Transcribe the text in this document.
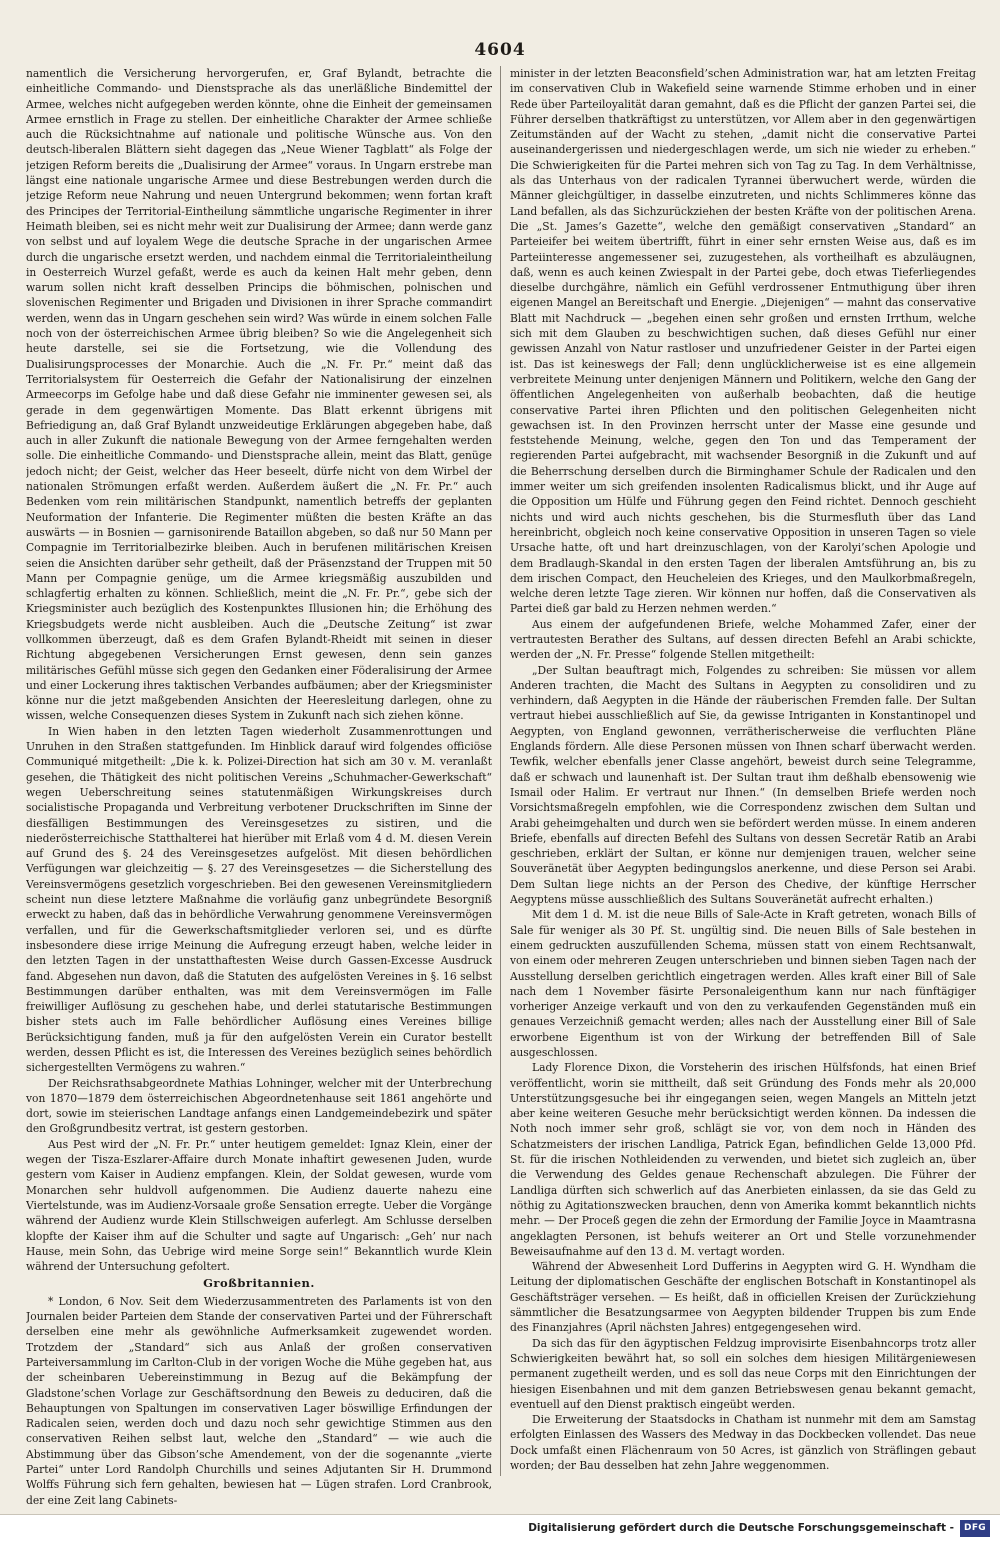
4604

namentlich die Versicherung hervorgerufen, er, Graf Bylandt, betrachte die einheitliche Commando- und Dienstsprache als das unerläßliche Bindemittel der Armee, welches nicht aufgegeben werden könnte, ohne die Einheit der gemeinsamen Armee ernstlich in Frage zu stellen. Der einheitliche Charakter der Armee schließe auch die Rücksichtnahme auf nationale und politische Wünsche aus. Von den deutsch-liberalen Blättern sieht dagegen das „Neue Wiener Tagblatt“ als Folge der jetzigen Reform bereits die „Dualisirung der Armee“ voraus. In Ungarn erstrebe man längst eine nationale ungarische Armee und diese Bestrebungen werden durch die jetzige Reform neue Nahrung und neuen Untergrund bekommen; wenn fortan kraft des Principes der Territorial-Eintheilung sämmtliche ungarische Regimenter in ihrer Heimath bleiben, sei es nicht mehr weit zur Dualisirung der Armee; dann werde ganz von selbst und auf loyalem Wege die deutsche Sprache in der ungarischen Armee durch die ungarische ersetzt werden, und nachdem einmal die Territorialeintheilung in Oesterreich Wurzel gefaßt, werde es auch da keinen Halt mehr geben, denn warum sollen nicht kraft desselben Princips die böhmischen, polnischen und slovenischen Regimenter und Brigaden und Divisionen in ihrer Sprache commandirt werden, wenn das in Ungarn geschehen sein wird? Was würde in einem solchen Falle noch von der österreichischen Armee übrig bleiben? So wie die Angelegenheit sich heute darstelle, sei sie die Fortsetzung, wie die Vollendung des Dualisirungsprocesses der Monarchie. Auch die „N. Fr. Pr.“ meint daß das Territorialsystem für Oesterreich die Gefahr der Nationalisirung der einzelnen Armeecorps im Gefolge habe und daß diese Gefahr nie imminenter gewesen sei, als gerade in dem gegenwärtigen Momente. Das Blatt erkennt übrigens mit Befriedigung an, daß Graf Bylandt unzweideutige Erklärungen abgegeben habe, daß auch in aller Zukunft die nationale Bewegung von der Armee ferngehalten werden solle. Die einheitliche Commando- und Dienstsprache allein, meint das Blatt, genüge jedoch nicht; der Geist, welcher das Heer beseelt, dürfe nicht von dem Wirbel der nationalen Strömungen erfaßt werden. Außerdem äußert die „N. Fr. Pr.“ auch Bedenken vom rein militärischen Standpunkt, namentlich betreffs der geplanten Neuformation der Infanterie. Die Regimenter müßten die besten Kräfte an das auswärts — in Bosnien — garnisonirende Bataillon abgeben, so daß nur 50 Mann per Compagnie im Territorialbezirke bleiben. Auch in berufenen militärischen Kreisen seien die Ansichten darüber sehr getheilt, daß der Präsenzstand der Truppen mit 50 Mann per Compagnie genüge, um die Armee kriegsmäßig auszubilden und schlagfertig erhalten zu können. Schließlich, meint die „N. Fr. Pr.“, gebe sich der Kriegsminister auch bezüglich des Kostenpunktes Illusionen hin; die Erhöhung des Kriegsbudgets werde nicht ausbleiben. Auch die „Deutsche Zeitung“ ist zwar vollkommen überzeugt, daß es dem Grafen Bylandt-Rheidt mit seinen in dieser Richtung abgegebenen Versicherungen Ernst gewesen, denn sein ganzes militärisches Gefühl müsse sich gegen den Gedanken einer Föderalisirung der Armee und einer Lockerung ihres taktischen Verbandes aufbäumen; aber der Kriegsminister könne nur die jetzt maßgebenden Ansichten der Heeresleitung darlegen, ohne zu wissen, welche Consequenzen dieses System in Zukunft nach sich ziehen könne.

In Wien haben in den letzten Tagen wiederholt Zusammenrottungen und Unruhen in den Straßen stattgefunden. Im Hinblick darauf wird folgendes officiöse Communiqué mitgetheilt: „Die k. k. Polizei-Direction hat sich am 30 v. M. veranlaßt gesehen, die Thätigkeit des nicht politischen Vereins „Schuhmacher-Gewerkschaft“ wegen Ueberschreitung seines statutenmäßigen Wirkungskreises durch socialistische Propaganda und Verbreitung verbotener Druckschriften im Sinne der diesfälligen Bestimmungen des Vereinsgesetzes zu sistiren, und die niederösterreichische Statthalterei hat hierüber mit Erlaß vom 4 d. M. diesen Verein auf Grund des §. 24 des Vereinsgesetzes aufgelöst. Mit diesen behördlichen Verfügungen war gleichzeitig — §. 27 des Vereinsgesetzes — die Sicherstellung des Vereinsvermögens gesetzlich vorgeschrieben. Bei den gewesenen Vereinsmitgliedern scheint nun diese letztere Maßnahme die vorläufig ganz unbegründete Besorgniß erweckt zu haben, daß das in behördliche Verwahrung genommene Vereinsvermögen verfallen, und für die Gewerkschaftsmitglieder verloren sei, und es dürfte insbesondere diese irrige Meinung die Aufregung erzeugt haben, welche leider in den letzten Tagen in der unstatthaftesten Weise durch Gassen-Excesse Ausdruck fand. Abgesehen nun davon, daß die Statuten des aufgelösten Vereines in §. 16 selbst Bestimmungen darüber enthalten, was mit dem Vereinsvermögen im Falle freiwilliger Auflösung zu geschehen habe, und derlei statutarische Bestimmungen bisher stets auch im Falle behördlicher Auflösung eines Vereines billige Berücksichtigung fanden, muß ja für den aufgelösten Verein ein Curator bestellt werden, dessen Pflicht es ist, die Interessen des Vereines bezüglich seines behördlich sichergestellten Vermögens zu wahren.“

Der Reichsrathsabgeordnete Mathias Lohninger, welcher mit der Unterbrechung von 1870—1879 dem österreichischen Abgeordnetenhause seit 1861 angehörte und dort, sowie im steierischen Landtage anfangs einen Landgemeindebezirk und später den Großgrundbesitz vertrat, ist gestern gestorben.

Aus Pest wird der „N. Fr. Pr.“ unter heutigem gemeldet: Ignaz Klein, einer der wegen der Tisza-Eszlarer-Affaire durch Monate inhaftirt gewesenen Juden, wurde gestern vom Kaiser in Audienz empfangen. Klein, der Soldat gewesen, wurde vom Monarchen sehr huldvoll aufgenommen. Die Audienz dauerte nahezu eine Viertelstunde, was im Audienz-Vorsaale große Sensation erregte. Ueber die Vorgänge während der Audienz wurde Klein Stillschweigen auferlegt. Am Schlusse derselben klopfte der Kaiser ihm auf die Schulter und sagte auf Ungarisch: „Geh’ nur nach Hause, mein Sohn, das Uebrige wird meine Sorge sein!“ Bekanntlich wurde Klein während der Untersuchung gefoltert.

Großbritannien.

* London, 6 Nov. Seit dem Wiederzusammentreten des Parlaments ist von den Journalen beider Parteien dem Stande der conservativen Partei und der Führerschaft derselben eine mehr als gewöhnliche Aufmerksamkeit zugewendet worden. Trotzdem der „Standard“ sich aus Anlaß der großen conservativen Parteiversammlung im Carlton-Club in der vorigen Woche die Mühe gegeben hat, aus der scheinbaren Uebereinstimmung in Bezug auf die Bekämpfung der Gladstone’schen Vorlage zur Geschäftsordnung den Beweis zu deduciren, daß die Behauptungen von Spaltungen im conservativen Lager böswillige Erfindungen der Radicalen seien, werden doch und dazu noch sehr gewichtige Stimmen aus den conservativen Reihen selbst laut, welche den „Standard“ — wie auch die Abstimmung über das Gibson’sche Amendement, von der die sogenannte „vierte Partei“ unter Lord Randolph Churchills und seines Adjutanten Sir H. Drummond Wolffs Führung sich fern gehalten, bewiesen hat — Lügen strafen. Lord Cranbrook, der eine Zeit lang Cabinets-

minister in der letzten Beaconsfield’schen Administration war, hat am letzten Freitag im conservativen Club in Wakefield seine warnende Stimme erhoben und in einer Rede über Parteiloyalität daran gemahnt, daß es die Pflicht der ganzen Partei sei, die Führer derselben thatkräftigst zu unterstützen, vor Allem aber in den gegenwärtigen Zeitumständen auf der Wacht zu stehen, „damit nicht die conservative Partei auseinandergerissen und niedergeschlagen werde, um sich nie wieder zu erheben.“ Die Schwierigkeiten für die Partei mehren sich von Tag zu Tag. In dem Verhältnisse, als das Unterhaus von der radicalen Tyrannei überwuchert werde, würden die Männer gleichgültiger, in dasselbe einzutreten, und nichts Schlimmeres könne das Land befallen, als das Sichzurückziehen der besten Kräfte von der politischen Arena. Die „St. James’s Gazette“, welche den gemäßigt conservativen „Standard“ an Parteieifer bei weitem übertrifft, führt in einer sehr ernsten Weise aus, daß es im Parteiinteresse angemessener sei, zuzugestehen, als vortheilhaft es abzuläugnen, daß, wenn es auch keinen Zwiespalt in der Partei gebe, doch etwas Tieferliegendes dieselbe durchgähre, nämlich ein Gefühl verdrossener Entmuthigung über ihren eigenen Mangel an Bereitschaft und Energie. „Diejenigen“ — mahnt das conservative Blatt mit Nachdruck — „begehen einen sehr großen und ernsten Irrthum, welche sich mit dem Glauben zu beschwichtigen suchen, daß dieses Gefühl nur einer gewissen Anzahl von Natur rastloser und unzufriedener Geister in der Partei eigen ist. Das ist keineswegs der Fall; denn unglücklicherweise ist es eine allgemein verbreitete Meinung unter denjenigen Männern und Politikern, welche den Gang der öffentlichen Angelegenheiten von außerhalb beobachten, daß die heutige conservative Partei ihren Pflichten und den politischen Gelegenheiten nicht gewachsen ist. In den Provinzen herrscht unter der Masse eine gesunde und feststehende Meinung, welche, gegen den Ton und das Temperament der regierenden Partei aufgebracht, mit wachsender Besorgniß in die Zukunft und auf die Beherrschung derselben durch die Birminghamer Schule der Radicalen und den immer weiter um sich greifenden insolenten Radicalismus blickt, und ihr Auge auf die Opposition um Hülfe und Führung gegen den Feind richtet. Dennoch geschieht nichts und wird auch nichts geschehen, bis die Sturmesfluth über das Land hereinbricht, obgleich noch keine conservative Opposition in unseren Tagen so viele Ursache hatte, oft und hart dreinzuschlagen, von der Karolyi’schen Apologie und dem Bradlaugh-Skandal in den ersten Tagen der liberalen Amtsführung an, bis zu dem irischen Compact, den Heucheleien des Krieges, und den Maulkorbmaßregeln, welche deren letzte Tage zieren. Wir können nur hoffen, daß die Conservativen als Partei dieß gar bald zu Herzen nehmen werden.“

Aus einem der aufgefundenen Briefe, welche Mohammed Zafer, einer der vertrautesten Berather des Sultans, auf dessen directen Befehl an Arabi schickte, werden der „N. Fr. Presse“ folgende Stellen mitgetheilt:

„Der Sultan beauftragt mich, Folgendes zu schreiben: Sie müssen vor allem Anderen trachten, die Macht des Sultans in Aegypten zu consolidiren und zu verhindern, daß Aegypten in die Hände der räuberischen Fremden falle. Der Sultan vertraut hiebei ausschließlich auf Sie, da gewisse Intriganten in Konstantinopel und Aegypten, von England gewonnen, verrätherischerweise die verfluchten Pläne Englands fördern. Alle diese Personen müssen von Ihnen scharf überwacht werden. Tewfik, welcher ebenfalls jener Classe angehört, beweist durch seine Telegramme, daß er schwach und launenhaft ist. Der Sultan traut ihm deßhalb ebensowenig wie Ismail oder Halim. Er vertraut nur Ihnen.“ (In demselben Briefe werden noch Vorsichtsmaßregeln empfohlen, wie die Correspondenz zwischen dem Sultan und Arabi geheimgehalten und durch wen sie befördert werden müsse. In einem anderen Briefe, ebenfalls auf directen Befehl des Sultans von dessen Secretär Ratib an Arabi geschrieben, erklärt der Sultan, er könne nur demjenigen trauen, welcher seine Souveränetät über Aegypten bedingungslos anerkenne, und diese Person sei Arabi. Dem Sultan liege nichts an der Person des Chedive, der künftige Herrscher Aegyptens müsse ausschließlich des Sultans Souveränetät aufrecht erhalten.)

Mit dem 1 d. M. ist die neue Bills of Sale-Acte in Kraft getreten, wonach Bills of Sale für weniger als 30 Pf. St. ungültig sind. Die neuen Bills of Sale bestehen in einem gedruckten auszufüllenden Schema, müssen statt von einem Rechtsanwalt, von einem oder mehreren Zeugen unterschrieben und binnen sieben Tagen nach der Ausstellung derselben gerichtlich eingetragen werden. Alles kraft einer Bill of Sale nach dem 1 November fäsirte Personaleigenthum kann nur nach fünftägiger vorheriger Anzeige verkauft und von den zu verkaufenden Gegenständen muß ein genaues Verzeichniß gemacht werden; alles nach der Ausstellung einer Bill of Sale erworbene Eigenthum ist von der Wirkung der betreffenden Bill of Sale ausgeschlossen.

Lady Florence Dixon, die Vorsteherin des irischen Hülfsfonds, hat einen Brief veröffentlicht, worin sie mittheilt, daß seit Gründung des Fonds mehr als 20,000 Unterstützungsgesuche bei ihr eingegangen seien, wegen Mangels an Mitteln jetzt aber keine weiteren Gesuche mehr berücksichtigt werden können. Da indessen die Noth noch immer sehr groß, schlägt sie vor, von dem noch in Händen des Schatzmeisters der irischen Landliga, Patrick Egan, befindlichen Gelde 13,000 Pfd. St. für die irischen Nothleidenden zu verwenden, und bietet sich zugleich an, über die Verwendung des Geldes genaue Rechenschaft abzulegen. Die Führer der Landliga dürften sich schwerlich auf das Anerbieten einlassen, da sie das Geld zu nöthig zu Agitationszwecken brauchen, denn von Amerika kommt bekanntlich nichts mehr. — Der Proceß gegen die zehn der Ermordung der Familie Joyce in Maamtrasna angeklagten Personen, ist behufs weiterer an Ort und Stelle vorzunehmender Beweisaufnahme auf den 13 d. M. vertagt worden.

Während der Abwesenheit Lord Dufferins in Aegypten wird G. H. Wyndham die Leitung der diplomatischen Geschäfte der englischen Botschaft in Konstantinopel als Geschäftsträger versehen. — Es heißt, daß in officiellen Kreisen der Zurückziehung sämmtlicher die Besatzungsarmee von Aegypten bildender Truppen bis zum Ende des Finanzjahres (April nächsten Jahres) entgegengesehen wird.

Da sich das für den ägyptischen Feldzug improvisirte Eisenbahncorps trotz aller Schwierigkeiten bewährt hat, so soll ein solches dem hiesigen Militärgeniewesen permanent zugetheilt werden, und es soll das neue Corps mit den Einrichtungen der hiesigen Eisenbahnen und mit dem ganzen Betriebswesen genau bekannt gemacht, eventuell auf den Dienst praktisch eingeübt werden.

Die Erweiterung der Staatsdocks in Chatham ist nunmehr mit dem am Samstag erfolgten Einlassen des Wassers des Medway in das Dockbecken vollendet. Das neue Dock umfaßt einen Flächenraum von 50 Acres, ist gänzlich von Sträflingen gebaut worden; der Bau desselben hat zehn Jahre weggenommen.

Digitalisierung gefördert durch die Deutsche Forschungsgemeinschaft -	DFG
